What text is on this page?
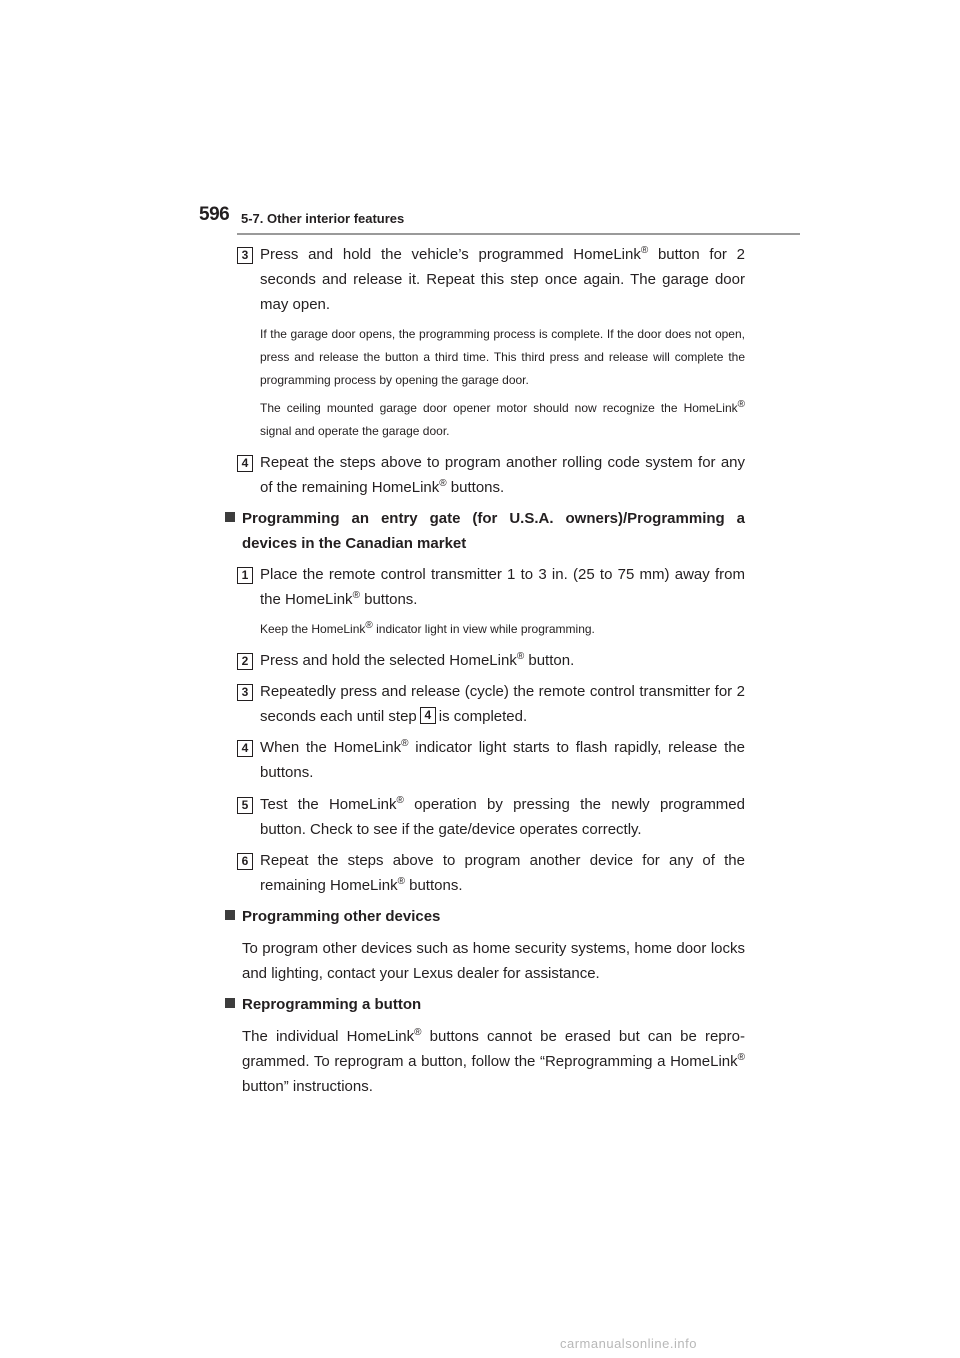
596 5-7. Other interior features
3 Press and hold the vehicle’s programmed HomeLink® button for 2 seconds and release it. Repeat this step once again. The garage door may open.
If the garage door opens, the programming process is complete. If the door does not open, press and release the button a third time. This third press and release will complete the programming process by opening the garage door.
The ceiling mounted garage door opener motor should now recognize the HomeLink® signal and operate the garage door.
4 Repeat the steps above to program another rolling code system for any of the remaining HomeLink® buttons.
Programming an entry gate (for U.S.A. owners)/Programming a devices in the Canadian market
1 Place the remote control transmitter 1 to 3 in. (25 to 75 mm) away from the HomeLink® buttons.
Keep the HomeLink® indicator light in view while programming.
2 Press and hold the selected HomeLink® button.
3 Repeatedly press and release (cycle) the remote control transmitter for 2 seconds each until step 4 is completed.
4 When the HomeLink® indicator light starts to flash rapidly, release the buttons.
5 Test the HomeLink® operation by pressing the newly programmed button. Check to see if the gate/device operates correctly.
6 Repeat the steps above to program another device for any of the remaining HomeLink® buttons.
Programming other devices
To program other devices such as home security systems, home door locks and lighting, contact your Lexus dealer for assistance.
Reprogramming a button
The individual HomeLink® buttons cannot be erased but can be repro- grammed. To reprogram a button, follow the “Reprogramming a HomeLink® button” instructions.
carmanualsonline.info
